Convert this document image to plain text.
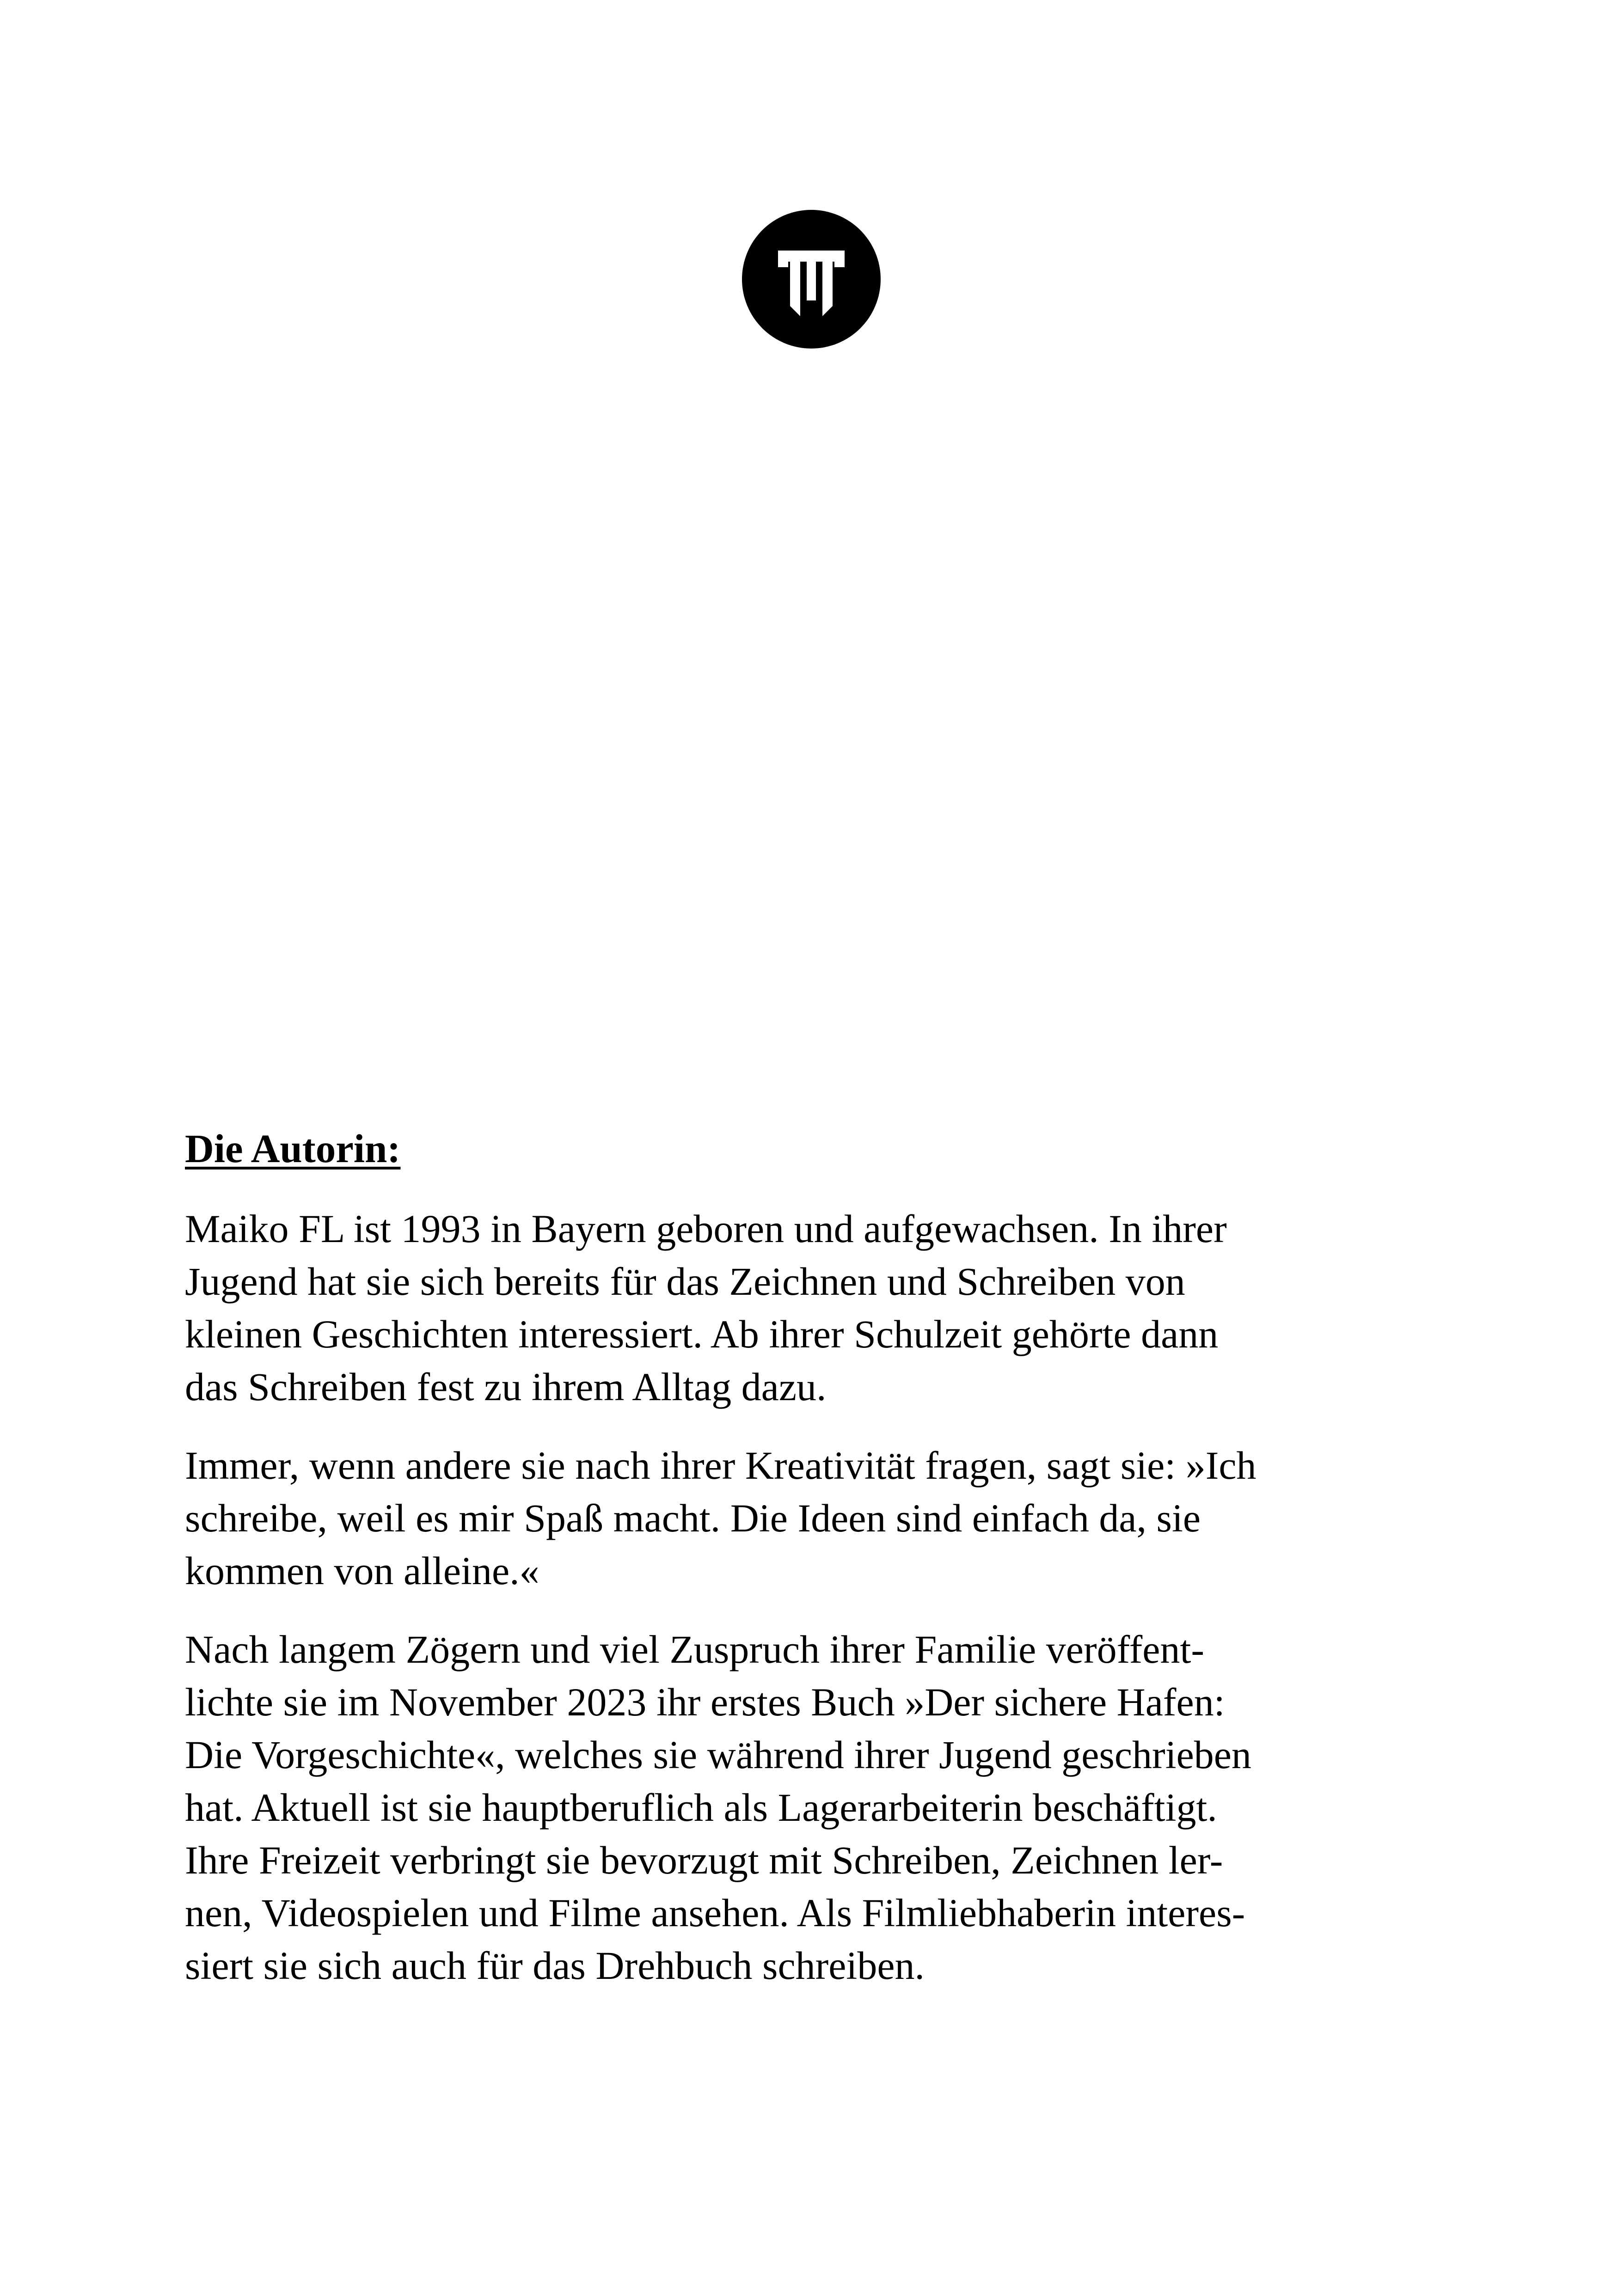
Die Autorin:
Maiko FL ist 1993 in Bayern geboren und aufgewachsen. In ihrer
Jugend hat sie sich bereits für das Zeichnen und Schreiben von
kleinen Geschichten interessiert. Ab ihrer Schulzeit gehörte dann
das Schreiben fest zu ihrem Alltag dazu.
Immer, wenn andere sie nach ihrer Kreativität fragen, sagt sie: »Ich
schreibe, weil es mir Spaß macht. Die Ideen sind einfach da, sie
kommen von alleine.«
Nach langem Zögern und viel Zuspruch ihrer Familie veröffent-
lichte sie im November 2023 ihr erstes Buch »Der sichere Hafen:
Die Vorgeschichte«, welches sie während ihrer Jugend geschrieben
hat. Aktuell ist sie hauptberuflich als Lagerarbeiterin beschäftigt.
Ihre Freizeit verbringt sie bevorzugt mit Schreiben, Zeichnen ler-
nen, Videospielen und Filme ansehen. Als Filmliebhaberin interes-
siert sie sich auch für das Drehbuch schreiben.
